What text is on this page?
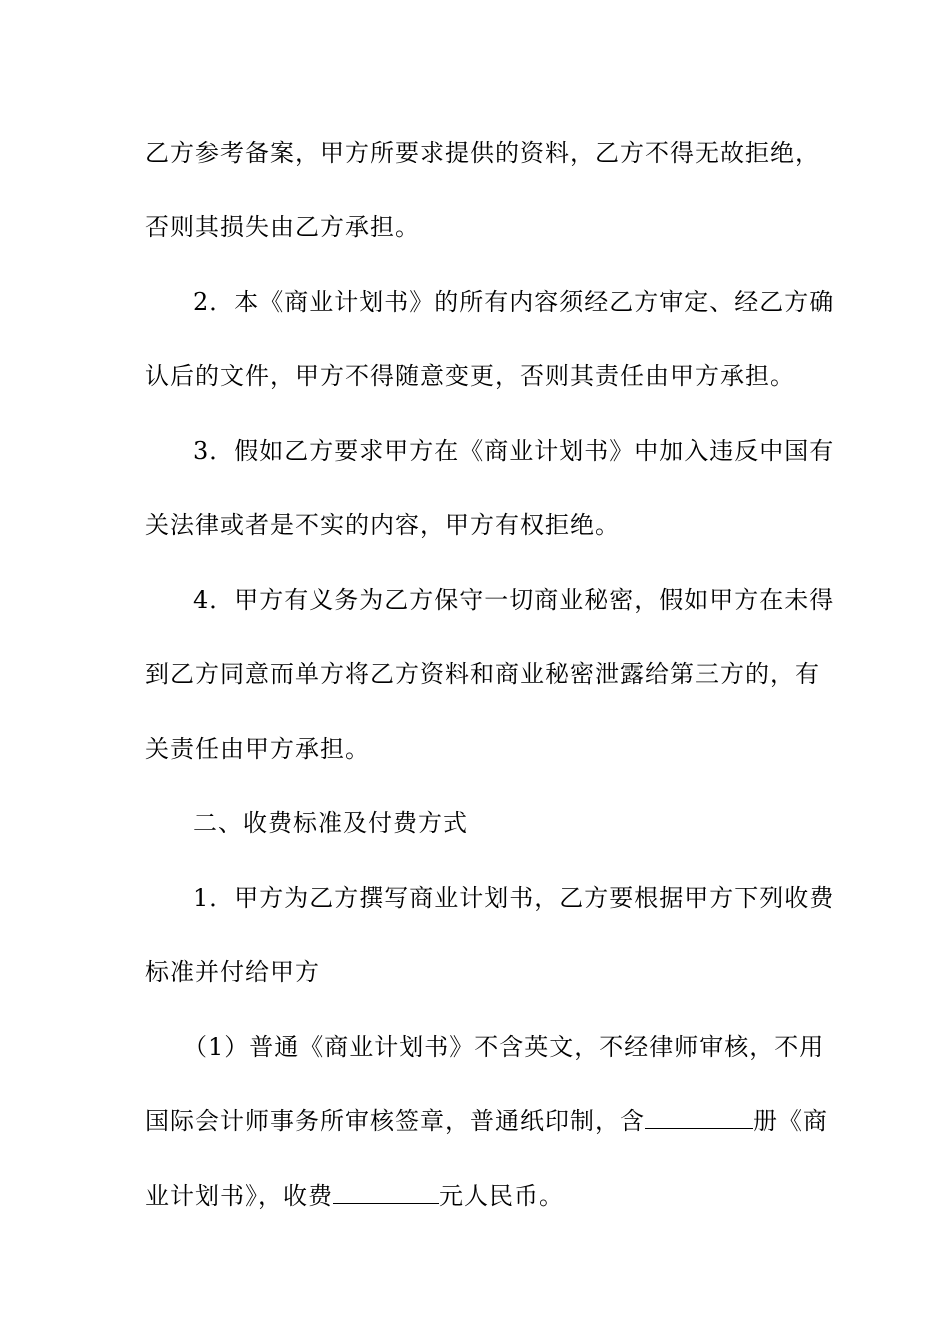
乙方参考备案，甲方所要求提供的资料，乙方不得无故拒绝，
否则其损失由乙方承担。
2．本《商业计划书》的所有内容须经乙方审定、经乙方确
认后的文件，甲方不得随意变更，否则其责任由甲方承担。
3．假如乙方要求甲方在《商业计划书》中加入违反中国有
关法律或者是不实的内容，甲方有权拒绝。
4．甲方有义务为乙方保守一切商业秘密，假如甲方在未得
到乙方同意而单方将乙方资料和商业秘密泄露给第三方的，有
关责任由甲方承担。
二、收费标准及付费方式
1．甲方为乙方撰写商业计划书，乙方要根据甲方下列收费
标准并付给甲方
（1）普通《商业计划书》不含英文，不经律师审核，不用
国际会计师事务所审核签章，普通纸印制，含	册《商
业计划书》，收费	元人民币。
